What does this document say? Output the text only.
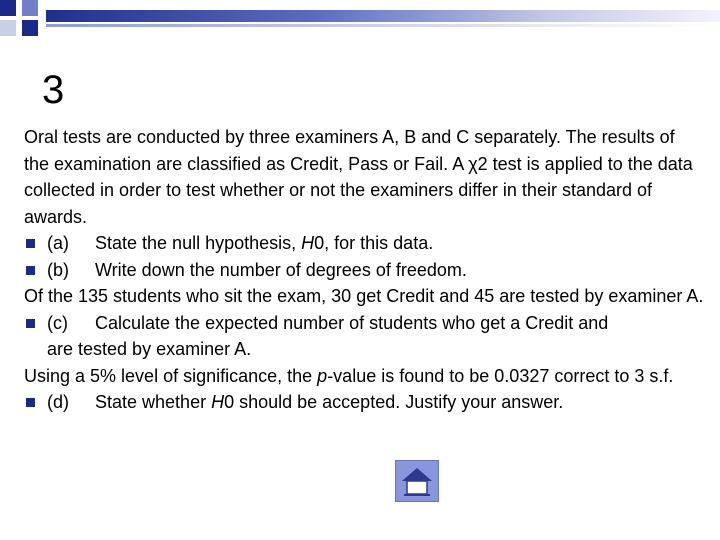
3

Oral tests are conducted by three examiners A, B and C separately. The results of the examination are classified as Credit, Pass or Fail. A χ2 test is applied to the data collected in order to test whether or not the examiners differ in their standard of awards.

(a)	State the null hypothesis, H0, for this data.
(b)	Write down the number of degrees of freedom.

Of the 135 students who sit the exam, 30 get Credit and 45 are tested by examiner A.

(c)	Calculate the expected number of students who get a Credit and
are tested by examiner A.

Using a 5% level of significance, the p-value is found to be 0.0327 correct to 3 s.f.

(d)	State whether H0 should be accepted. Justify your answer.
